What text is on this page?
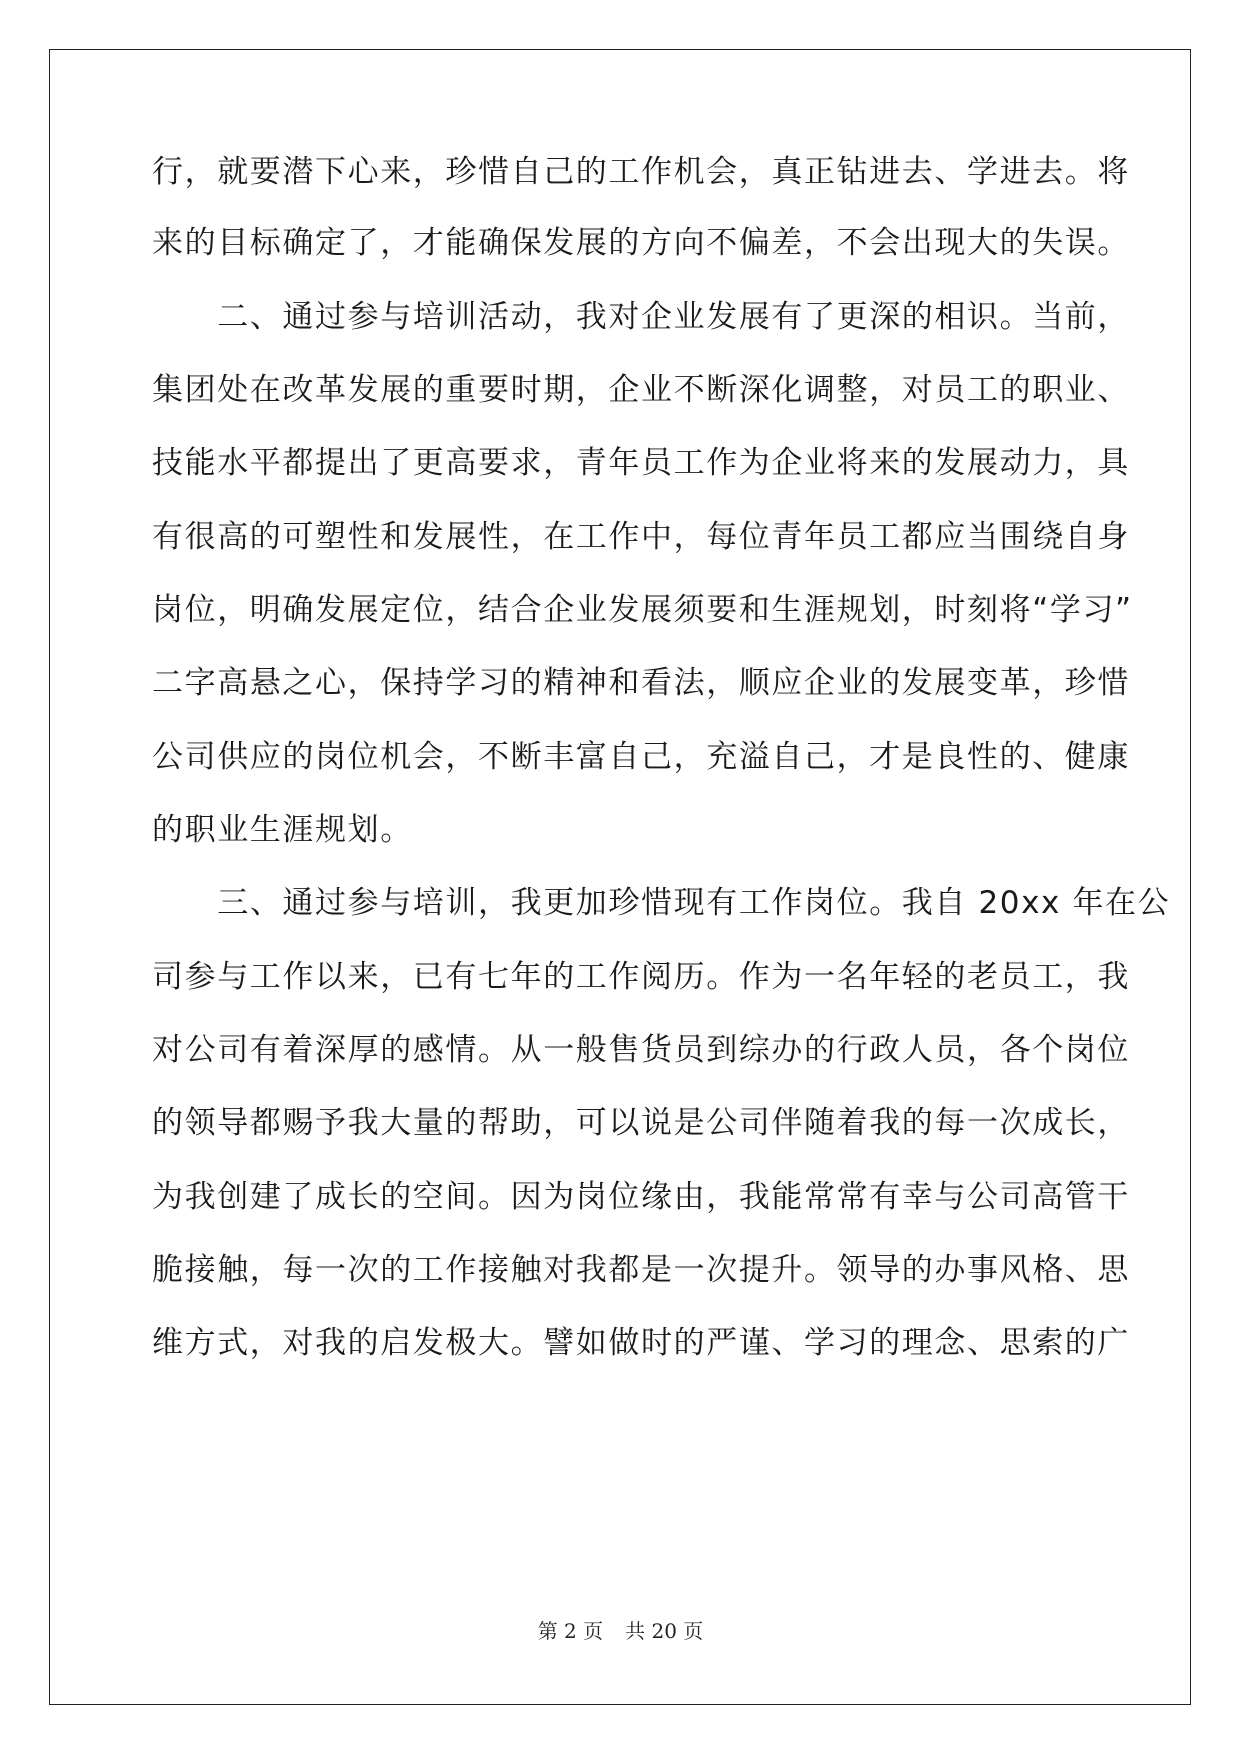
行，就要潜下心来，珍惜自己的工作机会，真正钻进去、学进去。将
来的目标确定了，才能确保发展的方向不偏差，不会出现大的失误。
　　二、通过参与培训活动，我对企业发展有了更深的相识。当前，
集团处在改革发展的重要时期，企业不断深化调整，对员工的职业、
技能水平都提出了更高要求，青年员工作为企业将来的发展动力，具
有很高的可塑性和发展性，在工作中，每位青年员工都应当围绕自身
岗位，明确发展定位，结合企业发展须要和生涯规划，时刻将“学习”
二字高悬之心，保持学习的精神和看法，顺应企业的发展变革，珍惜
公司供应的岗位机会，不断丰富自己，充溢自己，才是良性的、健康
的职业生涯规划。
　　三、通过参与培训，我更加珍惜现有工作岗位。我自 20xx 年在公
司参与工作以来，已有七年的工作阅历。作为一名年轻的老员工，我
对公司有着深厚的感情。从一般售货员到综办的行政人员，各个岗位
的领导都赐予我大量的帮助，可以说是公司伴随着我的每一次成长，
为我创建了成长的空间。因为岗位缘由，我能常常有幸与公司高管干
脆接触，每一次的工作接触对我都是一次提升。领导的办事风格、思
维方式，对我的启发极大。譬如做时的严谨、学习的理念、思索的广
第 2 页 共 20 页
